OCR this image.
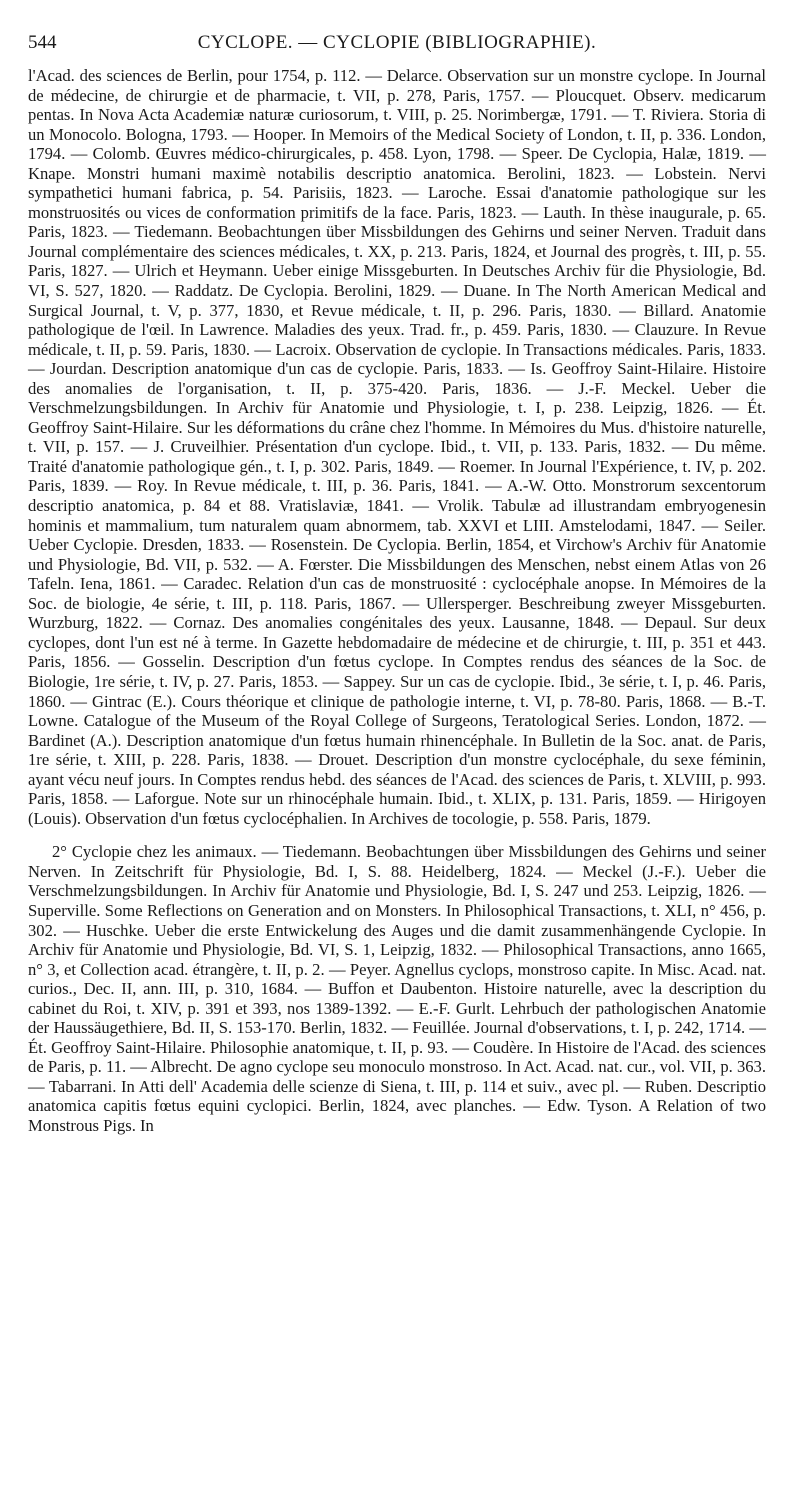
544	CYCLOPE. — CYCLOPIE (BIBLIOGRAPHIE).

l'Acad. des sciences de Berlin, pour 1754, p. 112. — Delarce. Observation sur un monstre cyclope. In Journal de médecine, de chirurgie et de pharmacie, t. VII, p. 278, Paris, 1757. — Ploucquet. Observ. medicarum pentas. In Nova Acta Academiæ naturæ curiosorum, t. VIII, p. 25. Norimbergæ, 1791. — T. Riviera. Storia di un Monocolo. Bologna, 1793. — Hooper. In Memoirs of the Medical Society of London, t. II, p. 336. London, 1794. — Colomb. Œuvres médico-chirurgicales, p. 458. Lyon, 1798. — Speer. De Cyclopia, Halæ, 1819. — Knape. Monstri humani maximè notabilis descriptio anatomica. Berolini, 1823. — Lobstein. Nervi sympathetici humani fabrica, p. 54. Parisiis, 1823. — Laroche. Essai d'anatomie pathologique sur les monstruosités ou vices de conformation primitifs de la face. Paris, 1823. — Lauth. In thèse inaugurale, p. 65. Paris, 1823. — Tiedemann. Beobachtungen über Missbildungen des Gehirns und seiner Nerven. Traduit dans Journal complémentaire des sciences médicales, t. XX, p. 213. Paris, 1824, et Journal des progrès, t. III, p. 55. Paris, 1827. — Ulrich et Heymann. Ueber einige Missgeburten. In Deutsches Archiv für die Physiologie, Bd. VI, S. 527, 1820. — Raddatz. De Cyclopia. Berolini, 1829. — Duane. In The North American Medical and Surgical Journal, t. V, p. 377, 1830, et Revue médicale, t. II, p. 296. Paris, 1830. — Billard. Anatomie pathologique de l'œil. In Lawrence. Maladies des yeux. Trad. fr., p. 459. Paris, 1830. — Clauzure. In Revue médicale, t. II, p. 59. Paris, 1830. — Lacroix. Observation de cyclopie. In Transactions médicales. Paris, 1833. — Jourdan. Description anatomique d'un cas de cyclopie. Paris, 1833. — Is. Geoffroy Saint-Hilaire. Histoire des anomalies de l'organisation, t. II, p. 375-420. Paris, 1836. — J.-F. Meckel. Ueber die Verschmelzungsbildungen. In Archiv für Anatomie und Physiologie, t. I, p. 238. Leipzig, 1826. — Ét. Geoffroy Saint-Hilaire. Sur les déformations du crâne chez l'homme. In Mémoires du Mus. d'histoire naturelle, t. VII, p. 157. — J. Cruveilhier. Présentation d'un cyclope. Ibid., t. VII, p. 133. Paris, 1832. — Du même. Traité d'anatomie pathologique gén., t. I, p. 302. Paris, 1849. — Roemer. In Journal l'Expérience, t. IV, p. 202. Paris, 1839. — Roy. In Revue médicale, t. III, p. 36. Paris, 1841. — A.-W. Otto. Monstrorum sexcentorum descriptio anatomica, p. 84 et 88. Vratislaviæ, 1841. — Vrolik. Tabulæ ad illustrandam embryogenesin hominis et mammalium, tum naturalem quam abnormem, tab. XXVI et LIII. Amstelodami, 1847. — Seiler. Ueber Cyclopie. Dresden, 1833. — Rosenstein. De Cyclopia. Berlin, 1854, et Virchow's Archiv für Anatomie und Physiologie, Bd. VII, p. 532. — A. Fœrster. Die Missbildungen des Menschen, nebst einem Atlas von 26 Tafeln. Iena, 1861. — Caradec. Relation d'un cas de monstruosité : cyclocéphale anopse. In Mémoires de la Soc. de biologie, 4e série, t. III, p. 118. Paris, 1867. — Ullersperger. Beschreibung zweyer Missgeburten. Wurzburg, 1822. — Cornaz. Des anomalies congénitales des yeux. Lausanne, 1848. — Depaul. Sur deux cyclopes, dont l'un est né à terme. In Gazette hebdomadaire de médecine et de chirurgie, t. III, p. 351 et 443. Paris, 1856. — Gosselin. Description d'un fœtus cyclope. In Comptes rendus des séances de la Soc. de Biologie, 1re série, t. IV, p. 27. Paris, 1853. — Sappey. Sur un cas de cyclopie. Ibid., 3e série, t. I, p. 46. Paris, 1860. — Gintrac (E.). Cours théorique et clinique de pathologie interne, t. VI, p. 78-80. Paris, 1868. — B.-T. Lowne. Catalogue of the Museum of the Royal College of Surgeons, Teratological Series. London, 1872. — Bardinet (A.). Description anatomique d'un fœtus humain rhinencéphale. In Bulletin de la Soc. anat. de Paris, 1re série, t. XIII, p. 228. Paris, 1838. — Drouet. Description d'un monstre cyclocéphale, du sexe féminin, ayant vécu neuf jours. In Comptes rendus hebd. des séances de l'Acad. des sciences de Paris, t. XLVIII, p. 993. Paris, 1858. — Laforgue. Note sur un rhinocéphale humain. Ibid., t. XLIX, p. 131. Paris, 1859. — Hirigoyen (Louis). Observation d'un fœtus cyclocéphalien. In Archives de tocologie, p. 558. Paris, 1879.

2° Cyclopie chez les animaux. — Tiedemann. Beobachtungen über Missbildungen des Gehirns und seiner Nerven. In Zeitschrift für Physiologie, Bd. I, S. 88. Heidelberg, 1824. — Meckel (J.-F.). Ueber die Verschmelzungsbildungen. In Archiv für Anatomie und Physiologie, Bd. I, S. 247 und 253. Leipzig, 1826. — Superville. Some Reflections on Generation and on Monsters. In Philosophical Transactions, t. XLI, n° 456, p. 302. — Huschke. Ueber die erste Entwickelung des Auges und die damit zusammenhängende Cyclopie. In Archiv für Anatomie und Physiologie, Bd. VI, S. 1, Leipzig, 1832. — Philosophical Transactions, anno 1665, n° 3, et Collection acad. étrangère, t. II, p. 2. — Peyer. Agnellus cyclops, monstroso capite. In Misc. Acad. nat. curios., Dec. II, ann. III, p. 310, 1684. — Buffon et Daubenton. Histoire naturelle, avec la description du cabinet du Roi, t. XIV, p. 391 et 393, nos 1389-1392. — E.-F. Gurlt. Lehrbuch der pathologischen Anatomie der Haussäugethiere, Bd. II, S. 153-170. Berlin, 1832. — Feuillée. Journal d'observations, t. I, p. 242, 1714. — Ét. Geoffroy Saint-Hilaire. Philosophie anatomique, t. II, p. 93. — Coudère. In Histoire de l'Acad. des sciences de Paris, p. 11. — Albrecht. De agno cyclope seu monoculo monstroso. In Act. Acad. nat. cur., vol. VII, p. 363. — Tabarrani. In Atti dell' Academia delle scienze di Siena, t. III, p. 114 et suiv., avec pl. — Ruben. Descriptio anatomica capitis fœtus equini cyclopici. Berlin, 1824, avec planches. — Edw. Tyson. A Relation of two Monstrous Pigs. In
